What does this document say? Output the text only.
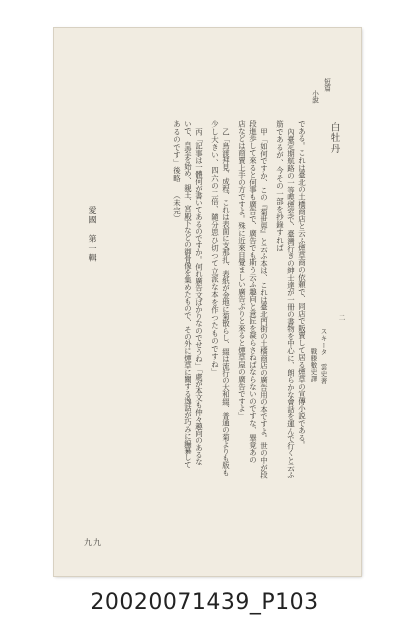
短篇
小說
白牡丹
二
スキータ 雲史著
戰滕數史譯
である。これは臺北の土橋商店と云ふ煙草商の依頼で、同店で販賣して居る煙草の宣傳小説である。
內臺定期航路の一等喫煙室で、臺灣行きの紳士達が一冊の書物を中心に、朗らかな會話を運んで行くと云ふ
筋であるが、今その一部を抄錄すれば
甲「如何ですか、この『菊世界』と云ふ本は、これは臺北門街の土橋商店の廣告用の本ですよ。世の中が段
段進歩して來ると何事も廣告で、廣告でも斯う云ふ趣向と意匠を凝らさねばならないのですな、畢竟あの
店などは商賣上手の方ですよ。殊に近來目覺ましい廣告ぶりと來ると煙草屋の廣告ですよ」
乙「鳥渡拜見、成程、これは表面に支那扎、表紙が金地に菊散らし、綴は流行の大和綴、普通の菊よりも版も
少し大きい、四六の二倍、隨分思ひ切つて立派な本を作つたものですね」
丙「記事は一體何が書いてあるのですか。何れ廣告文ばかりなのでせうね」「處が本文も仲々趣向のあるな
いで、皇室を始め、親王、宮殿下などの御骨像を集めたもので、その外に煙草に關する逸話が巧みに編纂して
あるのです」後略 （未完）
愛國　第一輯
九九
20020071439_P103
